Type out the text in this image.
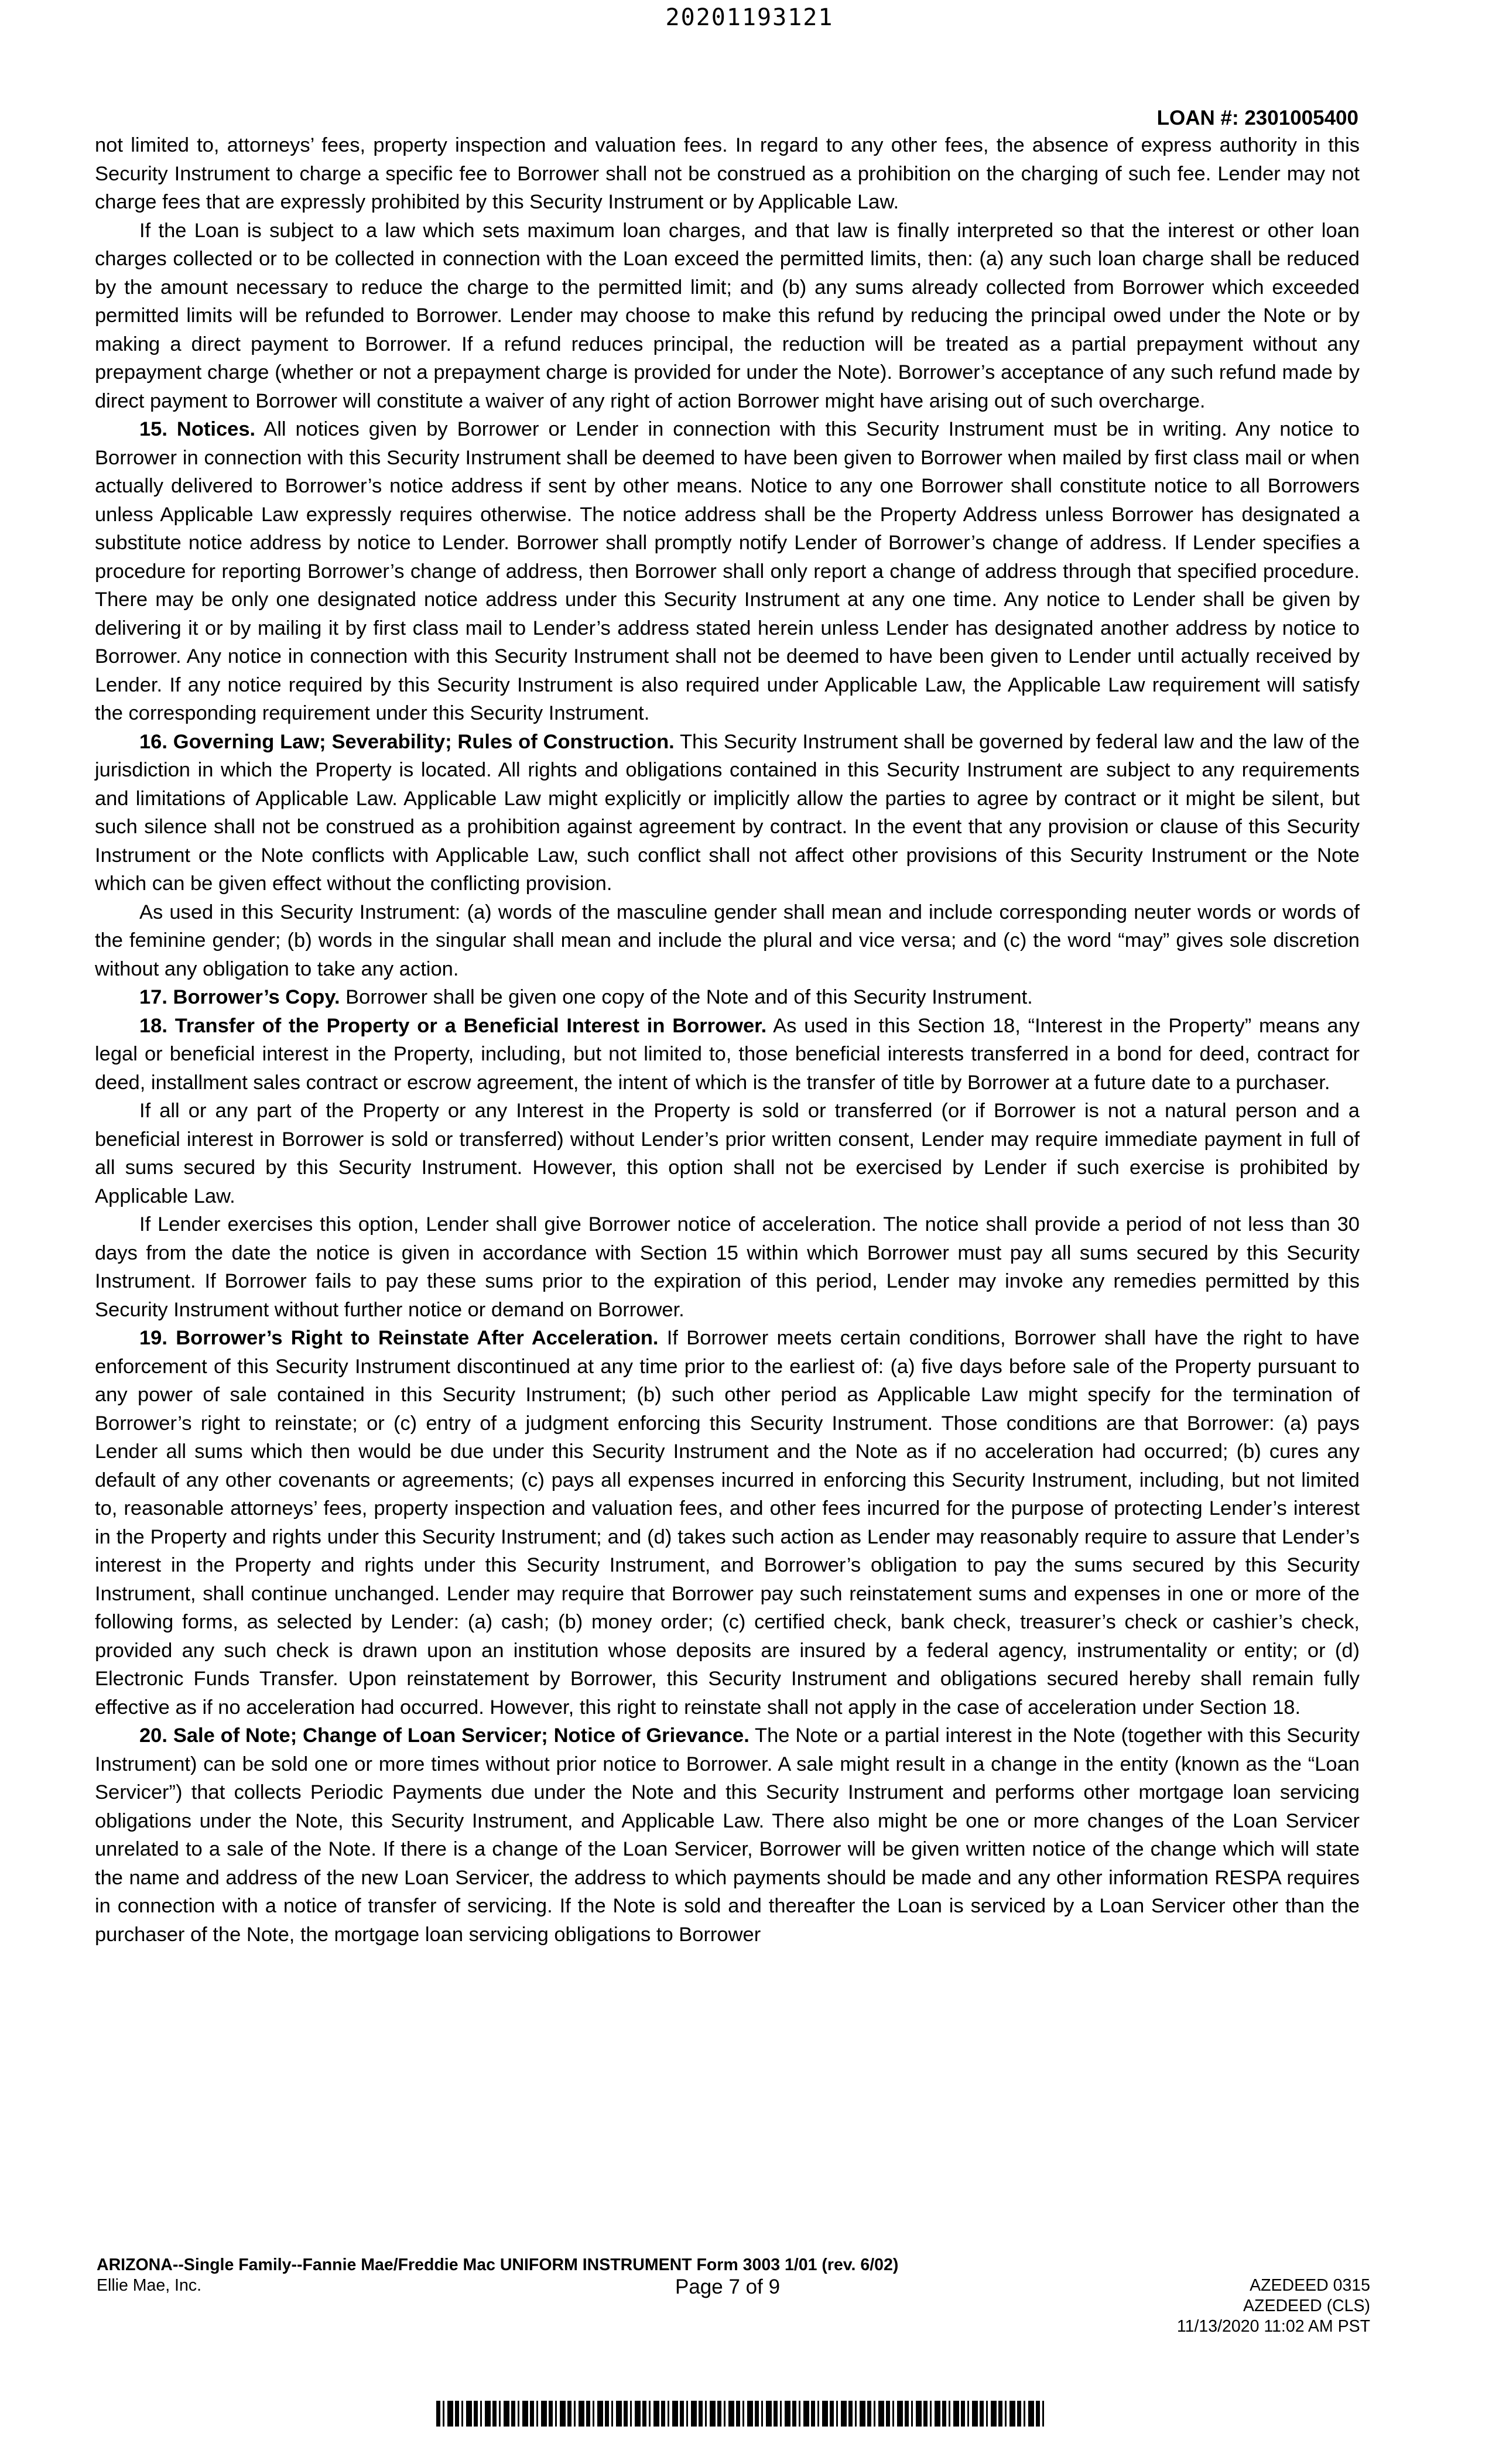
20201193121
LOAN #: 2301005400

not limited to, attorneys’ fees, property inspection and valuation fees. In regard to any other fees, the absence of express authority in this Security Instrument to charge a specific fee to Borrower shall not be construed as a prohibition on the charging of such fee. Lender may not charge fees that are expressly prohibited by this Security Instrument or by Applicable Law.

If the Loan is subject to a law which sets maximum loan charges, and that law is finally interpreted so that the interest or other loan charges collected or to be collected in connection with the Loan exceed the permitted limits, then: (a) any such loan charge shall be reduced by the amount necessary to reduce the charge to the permitted limit; and (b) any sums already collected from Borrower which exceeded permitted limits will be refunded to Borrower. Lender may choose to make this refund by reducing the principal owed under the Note or by making a direct payment to Borrower. If a refund reduces principal, the reduction will be treated as a partial prepayment without any prepayment charge (whether or not a prepayment charge is provided for under the Note). Borrower’s acceptance of any such refund made by direct payment to Borrower will constitute a waiver of any right of action Borrower might have arising out of such overcharge.

15. Notices. All notices given by Borrower or Lender in connection with this Security Instrument must be in writing. Any notice to Borrower in connection with this Security Instrument shall be deemed to have been given to Borrower when mailed by first class mail or when actually delivered to Borrower’s notice address if sent by other means. Notice to any one Borrower shall constitute notice to all Borrowers unless Applicable Law expressly requires otherwise. The notice address shall be the Property Address unless Borrower has designated a substitute notice address by notice to Lender. Borrower shall promptly notify Lender of Borrower’s change of address. If Lender specifies a procedure for reporting Borrower’s change of address, then Borrower shall only report a change of address through that specified procedure. There may be only one designated notice address under this Security Instrument at any one time. Any notice to Lender shall be given by delivering it or by mailing it by first class mail to Lender’s address stated herein unless Lender has designated another address by notice to Borrower. Any notice in connection with this Security Instrument shall not be deemed to have been given to Lender until actually received by Lender. If any notice required by this Security Instrument is also required under Applicable Law, the Applicable Law requirement will satisfy the corresponding requirement under this Security Instrument.

16. Governing Law; Severability; Rules of Construction. This Security Instrument shall be governed by federal law and the law of the jurisdiction in which the Property is located. All rights and obligations contained in this Security Instrument are subject to any requirements and limitations of Applicable Law. Applicable Law might explicitly or implicitly allow the parties to agree by contract or it might be silent, but such silence shall not be construed as a prohibition against agreement by contract. In the event that any provision or clause of this Security Instrument or the Note conflicts with Applicable Law, such conflict shall not affect other provisions of this Security Instrument or the Note which can be given effect without the conflicting provision.

As used in this Security Instrument: (a) words of the masculine gender shall mean and include corresponding neuter words or words of the feminine gender; (b) words in the singular shall mean and include the plural and vice versa; and (c) the word “may” gives sole discretion without any obligation to take any action.

17. Borrower’s Copy. Borrower shall be given one copy of the Note and of this Security Instrument.

18. Transfer of the Property or a Beneficial Interest in Borrower. As used in this Section 18, “Interest in the Property” means any legal or beneficial interest in the Property, including, but not limited to, those beneficial interests transferred in a bond for deed, contract for deed, installment sales contract or escrow agreement, the intent of which is the transfer of title by Borrower at a future date to a purchaser.

If all or any part of the Property or any Interest in the Property is sold or transferred (or if Borrower is not a natural person and a beneficial interest in Borrower is sold or transferred) without Lender’s prior written consent, Lender may require immediate payment in full of all sums secured by this Security Instrument. However, this option shall not be exercised by Lender if such exercise is prohibited by Applicable Law.

If Lender exercises this option, Lender shall give Borrower notice of acceleration. The notice shall provide a period of not less than 30 days from the date the notice is given in accordance with Section 15 within which Borrower must pay all sums secured by this Security Instrument. If Borrower fails to pay these sums prior to the expiration of this period, Lender may invoke any remedies permitted by this Security Instrument without further notice or demand on Borrower.

19. Borrower’s Right to Reinstate After Acceleration. If Borrower meets certain conditions, Borrower shall have the right to have enforcement of this Security Instrument discontinued at any time prior to the earliest of: (a) five days before sale of the Property pursuant to any power of sale contained in this Security Instrument; (b) such other period as Applicable Law might specify for the termination of Borrower’s right to reinstate; or (c) entry of a judgment enforcing this Security Instrument. Those conditions are that Borrower: (a) pays Lender all sums which then would be due under this Security Instrument and the Note as if no acceleration had occurred; (b) cures any default of any other covenants or agreements; (c) pays all expenses incurred in enforcing this Security Instrument, including, but not limited to, reasonable attorneys’ fees, property inspection and valuation fees, and other fees incurred for the purpose of protecting Lender’s interest in the Property and rights under this Security Instrument; and (d) takes such action as Lender may reasonably require to assure that Lender’s interest in the Property and rights under this Security Instrument, and Borrower’s obligation to pay the sums secured by this Security Instrument, shall continue unchanged. Lender may require that Borrower pay such reinstatement sums and expenses in one or more of the following forms, as selected by Lender: (a) cash; (b) money order; (c) certified check, bank check, treasurer’s check or cashier’s check, provided any such check is drawn upon an institution whose deposits are insured by a federal agency, instrumentality or entity; or (d) Electronic Funds Transfer. Upon reinstatement by Borrower, this Security Instrument and obligations secured hereby shall remain fully effective as if no acceleration had occurred. However, this right to reinstate shall not apply in the case of acceleration under Section 18.

20. Sale of Note; Change of Loan Servicer; Notice of Grievance. The Note or a partial interest in the Note (together with this Security Instrument) can be sold one or more times without prior notice to Borrower. A sale might result in a change in the entity (known as the “Loan Servicer”) that collects Periodic Payments due under the Note and this Security Instrument and performs other mortgage loan servicing obligations under the Note, this Security Instrument, and Applicable Law. There also might be one or more changes of the Loan Servicer unrelated to a sale of the Note. If there is a change of the Loan Servicer, Borrower will be given written notice of the change which will state the name and address of the new Loan Servicer, the address to which payments should be made and any other information RESPA requires in connection with a notice of transfer of servicing. If the Note is sold and thereafter the Loan is serviced by a Loan Servicer other than the purchaser of the Note, the mortgage loan servicing obligations to Borrower

ARIZONA--Single Family--Fannie Mae/Freddie Mac UNIFORM INSTRUMENT Form 3003 1/01 (rev. 6/02)
Ellie Mae, Inc.	Page 7 of 9	AZEDEED 0315
AZEDEED (CLS)
11/13/2020 11:02 AM PST
